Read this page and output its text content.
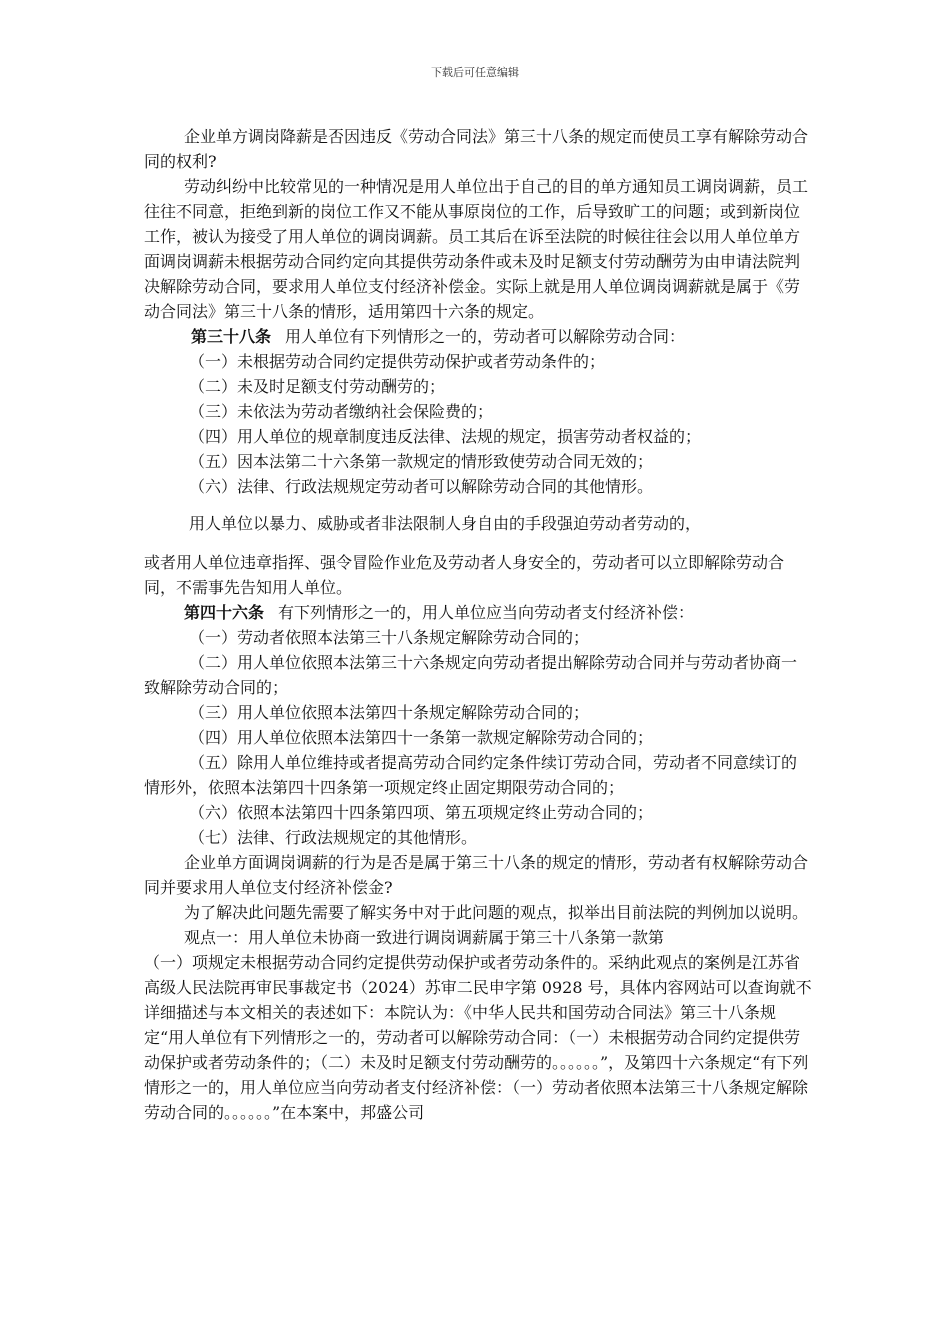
下载后可任意编辑

企业单方调岗降薪是否因违反《劳动合同法》第三十八条的规定而使员工享有解除劳动合同的权利?

劳动纠纷中比较常见的一种情况是用人单位出于自己的目的单方通知员工调岗调薪，员工往往不同意，拒绝到新的岗位工作又不能从事原岗位的工作，后导致旷工的问题；或到新岗位工作，被认为接受了用人单位的调岗调薪。员工其后在诉至法院的时候往往会以用人单位单方面调岗调薪未根据劳动合同约定向其提供劳动条件或未及时足额支付劳动酬劳为由申请法院判决解除劳动合同，要求用人单位支付经济补偿金。实际上就是用人单位调岗调薪就是属于《劳动合同法》第三十八条的情形，适用第四十六条的规定。

第三十八条 用人单位有下列情形之一的，劳动者可以解除劳动合同：

（一）未根据劳动合同约定提供劳动保护或者劳动条件的；

（二）未及时足额支付劳动酬劳的；

（三）未依法为劳动者缴纳社会保险费的；

（四）用人单位的规章制度违反法律、法规的规定，损害劳动者权益的；

（五）因本法第二十六条第一款规定的情形致使劳动合同无效的；

（六）法律、行政法规规定劳动者可以解除劳动合同的其他情形。

用人单位以暴力、威胁或者非法限制人身自由的手段强迫劳动者劳动的，

或者用人单位违章指挥、强令冒险作业危及劳动者人身安全的，劳动者可以立即解除劳动合同，不需事先告知用人单位。

第四十六条 有下列情形之一的，用人单位应当向劳动者支付经济补偿：

（一）劳动者依照本法第三十八条规定解除劳动合同的；

（二）用人单位依照本法第三十六条规定向劳动者提出解除劳动合同并与劳动者协商一致解除劳动合同的；

（三）用人单位依照本法第四十条规定解除劳动合同的；

（四）用人单位依照本法第四十一条第一款规定解除劳动合同的；

（五）除用人单位维持或者提高劳动合同约定条件续订劳动合同，劳动者不同意续订的情形外，依照本法第四十四条第一项规定终止固定期限劳动合同的；

（六）依照本法第四十四条第四项、第五项规定终止劳动合同的；

（七）法律、行政法规规定的其他情形。

企业单方面调岗调薪的行为是否是属于第三十八条的规定的情形，劳动者有权解除劳动合同并要求用人单位支付经济补偿金?

为了解决此问题先需要了解实务中对于此问题的观点，拟举出目前法院的判例加以说明。

观点一：用人单位未协商一致进行调岗调薪属于第三十八条第一款第

（一）项规定未根据劳动合同约定提供劳动保护或者劳动条件的。采纳此观点的案例是江苏省高级人民法院再审民事裁定书（2024）苏审二民申字第 0928 号，具体内容网站可以查询就不详细描述与本文相关的表述如下：本院认为：《中华人民共和国劳动合同法》第三十八条规定“用人单位有下列情形之一的，劳动者可以解除劳动合同：（一）未根据劳动合同约定提供劳动保护或者劳动条件的；（二）未及时足额支付劳动酬劳的。。。。。。”，及第四十六条规定“有下列情形之一的，用人单位应当向劳动者支付经济补偿：（一）劳动者依照本法第三十八条规定解除劳动合同的。。。。。。”在本案中，邦盛公司
